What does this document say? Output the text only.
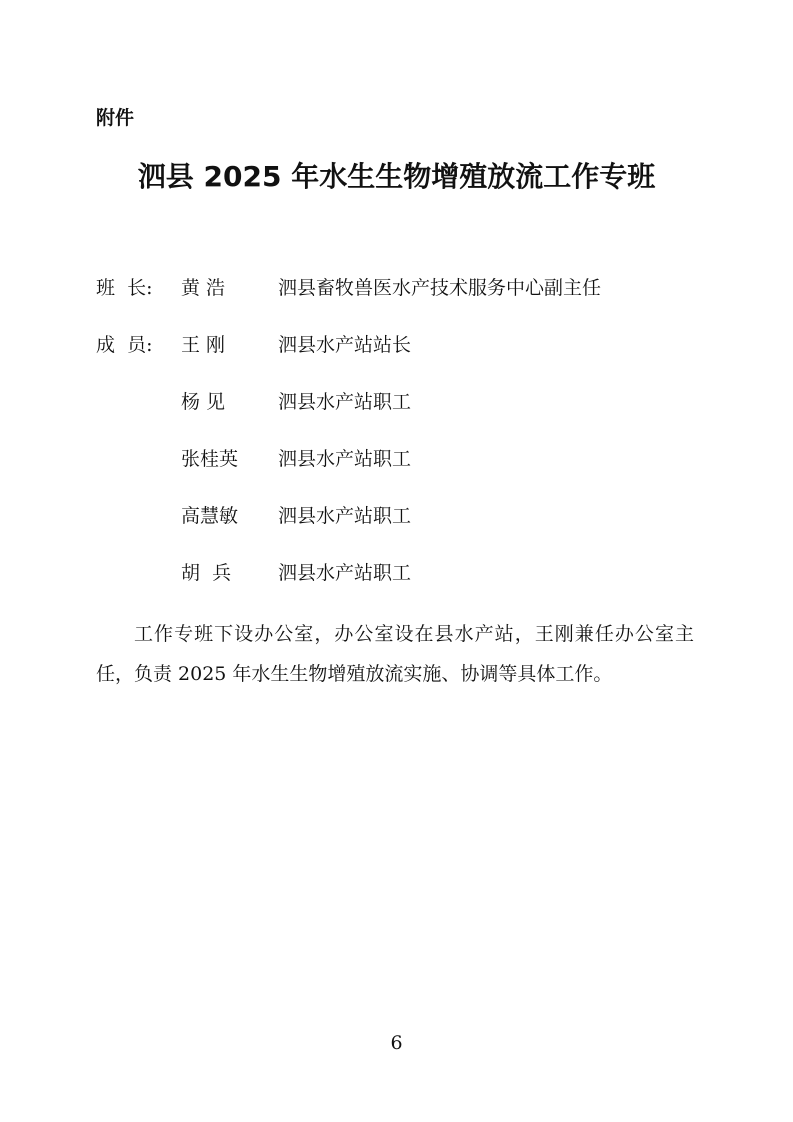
附件
泗县 2025 年水生生物增殖放流工作专班
班  长: 黄 浩	泗县畜牧兽医水产技术服务中心副主任
成  员: 王 刚	泗县水产站站长
杨 见	泗县水产站职工
张桂英 泗县水产站职工
高慧敏 泗县水产站职工
胡  兵 泗县水产站职工

工作专班下设办公室，办公室设在县水产站，王刚兼任办公室主任，负责 2025 年水生生物增殖放流实施、协调等具体工作。

6
